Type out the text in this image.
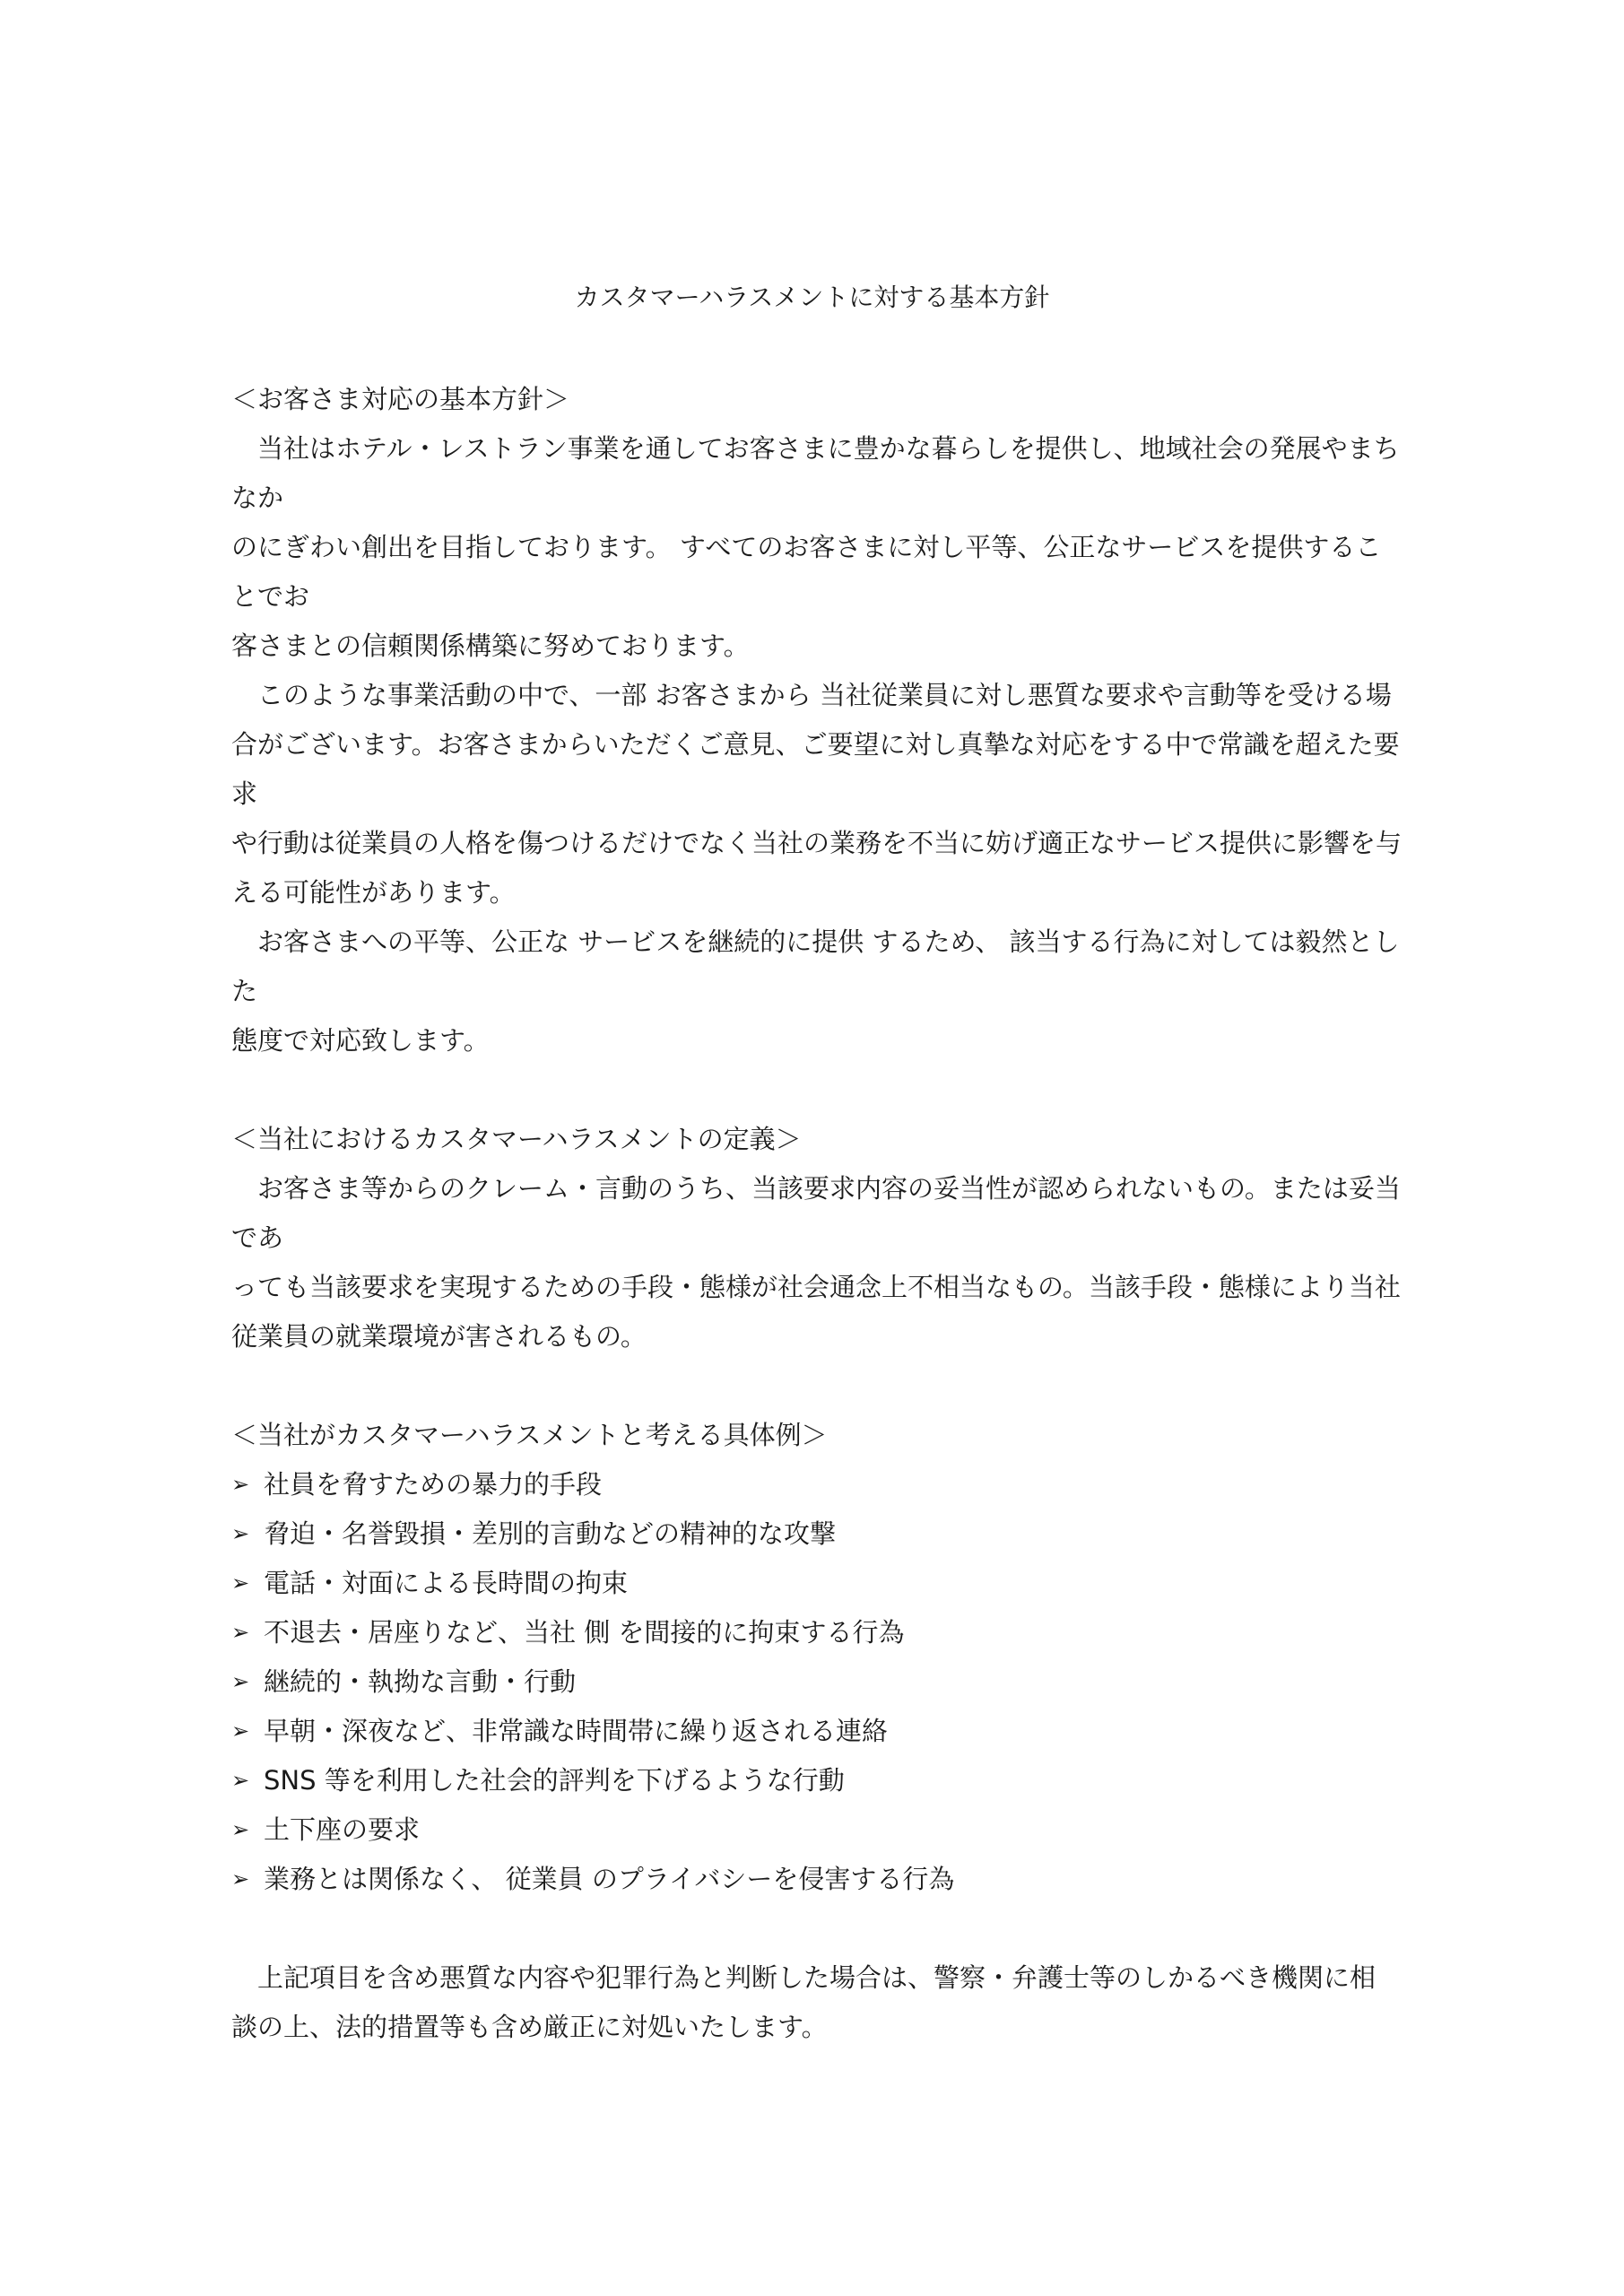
カスタマーハラスメントに対する基本方針

＜お客さま対応の基本方針＞

当社はホテル・レストラン事業を通してお客さまに豊かな暮らしを提供し、地域社会の発展やまちなか
のにぎわい創出を目指しております。 すべてのお客さまに対し平等、公正なサービスを提供することでお
客さまとの信頼関係構築に努めております。

このような事業活動の中で、一部 お客さまから 当社従業員に対し悪質な要求や言動等を受ける場
合がございます。お客さまからいただくご意見、ご要望に対し真摯な対応をする中で常識を超えた要求
や行動は従業員の人格を傷つけるだけでなく当社の業務を不当に妨げ適正なサービス提供に影響を与
える可能性があります。

お客さまへの平等、公正な サービスを継続的に提供 するため、 該当する行為に対しては毅然とした
態度で対応致します。

＜当社におけるカスタマーハラスメントの定義＞

お客さま等からのクレーム・言動のうち、当該要求内容の妥当性が認められないもの。または妥当であ
っても当該要求を実現するための手段・態様が社会通念上不相当なもの。当該手段・態様により当社
従業員の就業環境が害されるもの。

＜当社がカスタマーハラスメントと考える具体例＞

➢ 社員を脅すための暴力的手段
➢ 脅迫・名誉毀損・差別的言動などの精神的な攻撃
➢ 電話・対面による長時間の拘束
➢ 不退去・居座りなど、当社 側 を間接的に拘束する行為
➢ 継続的・執拗な言動・行動
➢ 早朝・深夜など、非常識な時間帯に繰り返される連絡
➢ SNS 等を利用した社会的評判を下げるような行動
➢ 土下座の要求
➢ 業務とは関係なく、 従業員 のプライバシーを侵害する行為

上記項目を含め悪質な内容や犯罪行為と判断した場合は、警察・弁護士等のしかるべき機関に相
談の上、法的措置等も含め厳正に対処いたします。
